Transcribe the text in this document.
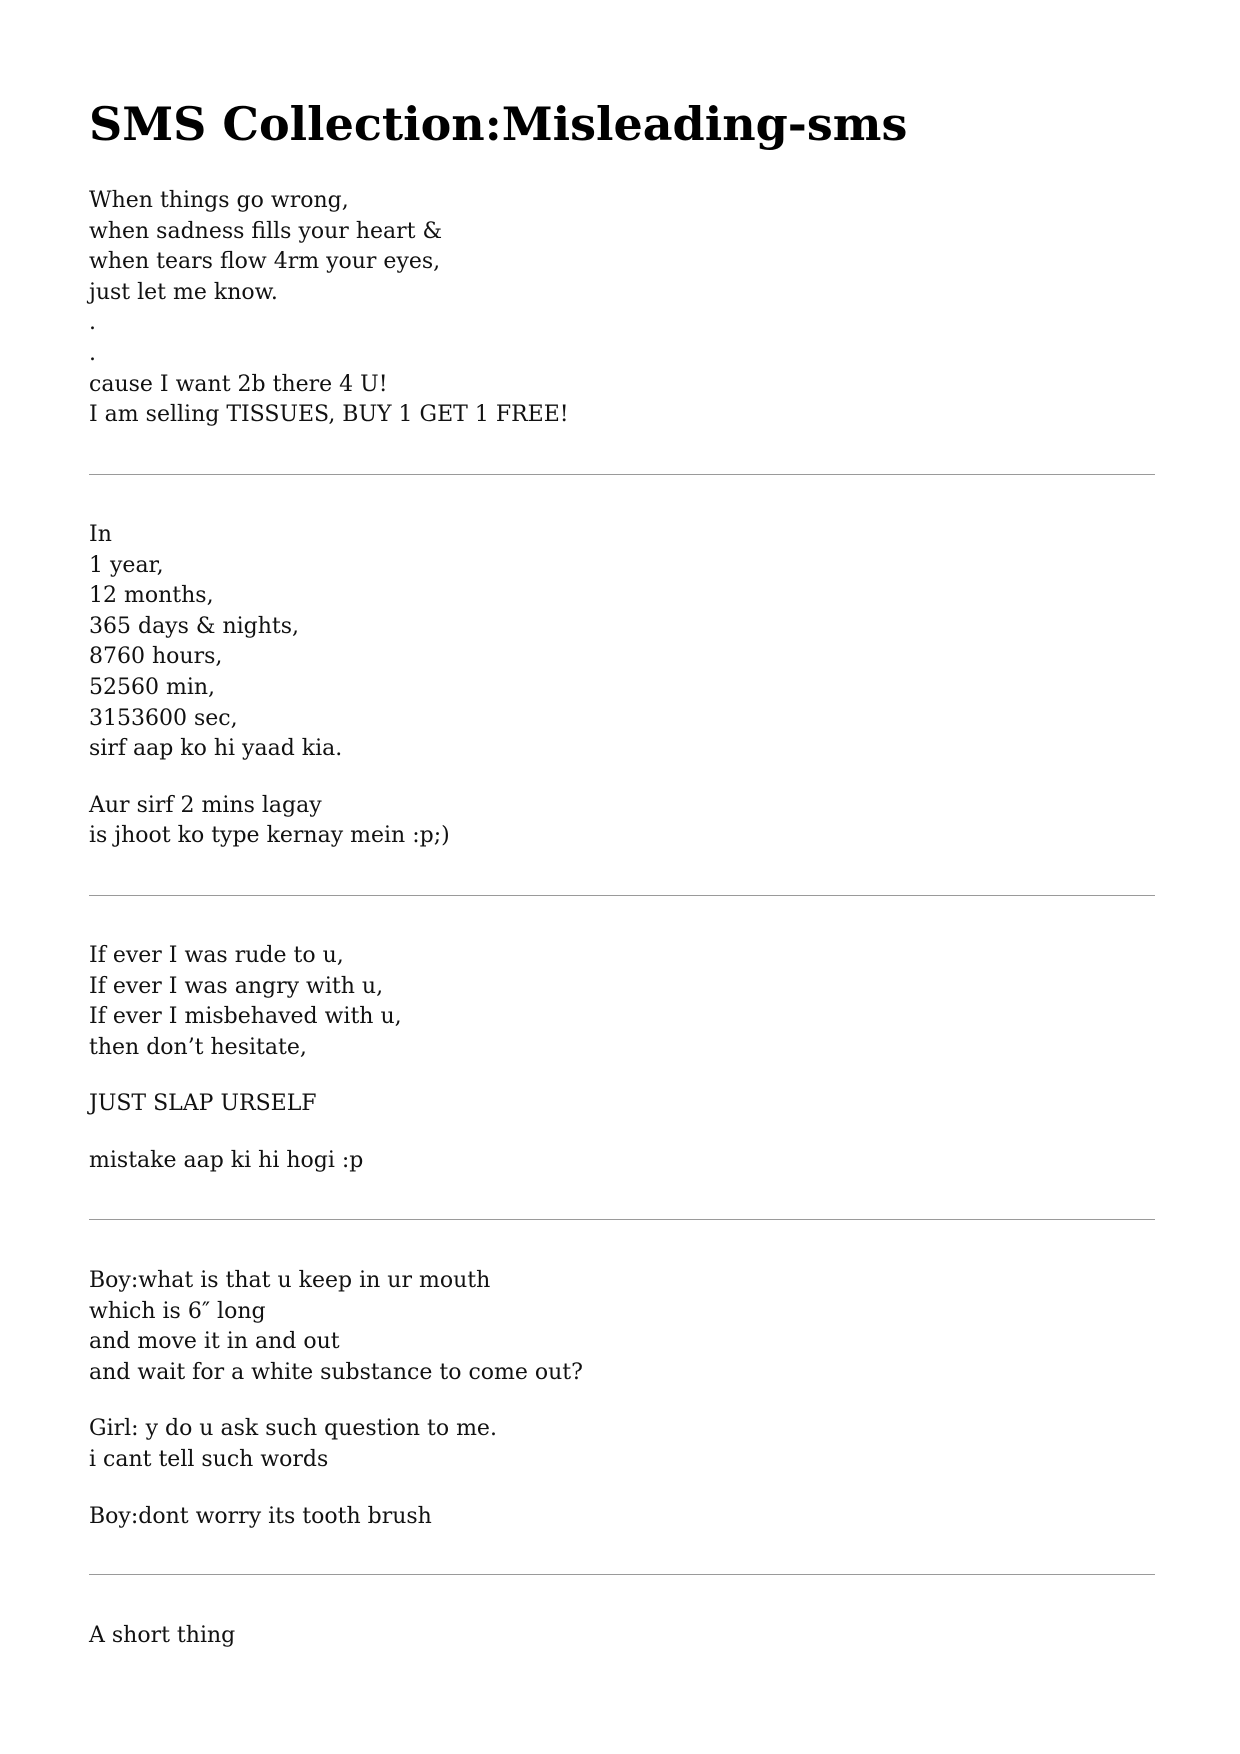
SMS Collection:Misleading-sms

When things go wrong,
when sadness fills your heart &
when tears flow 4rm your eyes,
just let me know.
.
.
cause I want 2b there 4 U!
I am selling TISSUES, BUY 1 GET 1 FREE!

In
1 year,
12 months,
365 days & nights,
8760 hours,
52560 min,
3153600 sec,
sirf aap ko hi yaad kia.

Aur sirf 2 mins lagay
is jhoot ko type kernay mein :p;)

If ever I was rude to u,
If ever I was angry with u,
If ever I misbehaved with u,
then don’t hesitate,

JUST SLAP URSELF

mistake aap ki hi hogi :p

Boy:what is that u keep in ur mouth
which is 6″ long
and move it in and out
and wait for a white substance to come out?

Girl: y do u ask such question to me.
i cant tell such words

Boy:dont worry its tooth brush

A short thing
